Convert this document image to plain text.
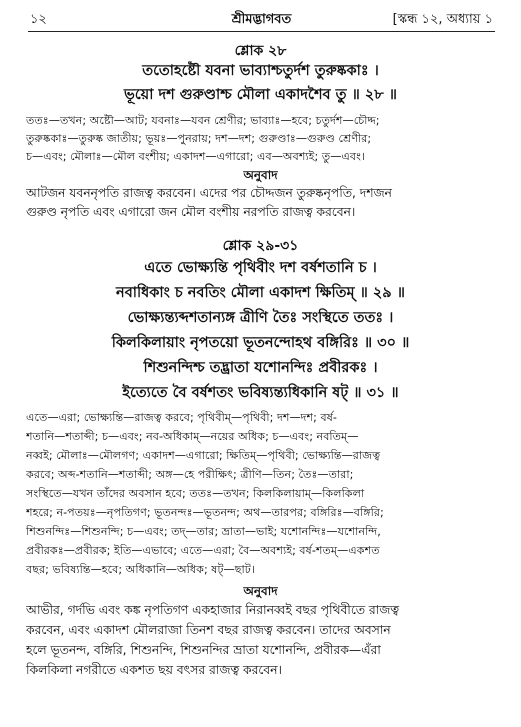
১২	শ্রীমদ্ভাগবত	[স্কন্ধ ১২, অধ্যায় ১
শ্লোক ২৮
ততোহষ্টৌ যবনা ভাব্যাশ্চতুর্দশ তুরুষ্ককাঃ ।
ভূয়ো দশ গুরুণ্ডাশ্চ মৌলা একাদশৈব তু ॥ ২৮ ॥
ততঃ—তখন; অষ্টৌ—আট; যবনাঃ—যবন শ্রেণীর; ভাব্যাঃ—হবে; চতুর্দশ—চৌদ্দ;
তুরুষ্ককাঃ—তুরুষ্ক জাতীয়; ভূয়ঃ—পুনরায়; দশ—দশ; গুরুণ্ডাঃ—গুরুণ্ড শ্রেণীর;
চ—এবং; মৌলাঃ—মৌল বংশীয়; একাদশ—এগারো; এব—অবশ্যই; তু—এবং।
অনুবাদ
আটজন যবননৃপতি রাজত্ব করবেন। এদের পর চৌদ্দজন তুরুষ্কনৃপতি, দশজন
গুরুণ্ড নৃপতি এবং এগারো জন মৌল বংশীয় নরপতি রাজত্ব করবেন।
শ্লোক ২৯-৩১
এতে ভোক্ষ্যন্তি পৃথিবীং দশ বর্ষশতানি চ ।
নবাধিকাং চ নবতিং মৌলা একাদশ ক্ষিতিম্ ॥ ২৯ ॥
ভোক্ষ্যন্ত্যব্দশতান্যঙ্গ ত্রীণি তৈঃ সংস্থিতে ততঃ ।
কিলকিলায়াং নৃপতয়ো ভূতনন্দোহথ বঙ্গিরিঃ ॥ ৩০ ॥
শিশুনন্দিশ্চ তদ্ভ্রাতা যশোনন্দিঃ প্রবীরকঃ ।
ইত্যেতে বৈ বর্ষশতং ভবিষ্যন্ত্যধিকানি ষট্ ॥ ৩১ ॥
এতে—এরা; ভোক্ষ্যন্তি—রাজত্ব করবে; পৃথিবীম্—পৃথিবী; দশ—দশ; বর্ষ-
শতানি—শতাব্দী; চ—এবং; নব-অধিকাম্—নয়ের অধিক; চ—এবং; নবতিম্—
নব্বই; মৌলাঃ—মৌলগণ; একাদশ—এগারো; ক্ষিতিম্—পৃথিবী; ভোক্ষ্যন্তি—রাজত্ব
করবে; অব্দ-শতানি—শতাব্দী; অঙ্গ—হে পরীক্ষিৎ; ত্রীণি—তিন; তৈঃ—তারা;
সংস্থিতে—যখন তাঁদের অবসান হবে; ততঃ—তখন; কিলকিলায়াম্—কিলকিলা
শহরে; ন-পতয়ঃ—নৃপতিগণ; ভূতনন্দঃ—ভূতনন্দ; অথ—তারপর; বঙ্গিরিঃ—বঙ্গিরি;
শিশুনন্দিঃ—শিশুনন্দি; চ—এবং; তদ্—তার; ভ্রাতা—ভাই; যশোনন্দিঃ—যশোনন্দি,
প্রবীরকঃ—প্রবীরক; ইতি—এভাবে; এতে—এরা; বৈ—অবশ্যই; বর্ষ-শতম্—একশত
বছর; ভবিষ্যন্তি—হবে; অধিকানি—অধিক; ষট্—ছাট।
অনুবাদ
আভীর, গর্দভি এবং কঙ্ক নৃপতিগণ একহাজার নিরানব্বই বছর পৃথিবীতে রাজত্ব
করবেন, এবং একাদশ মৌলরাজা তিনশ বছর রাজত্ব করবেন। তাদের অবসান
হলে ভূতনন্দ, বঙ্গিরি, শিশুনন্দি, শিশুনন্দির ভ্রাতা যশোনন্দি, প্রবীরক—এঁরা
কিলকিলা নগরীতে একশত ছয় বৎসর রাজত্ব করবেন।
